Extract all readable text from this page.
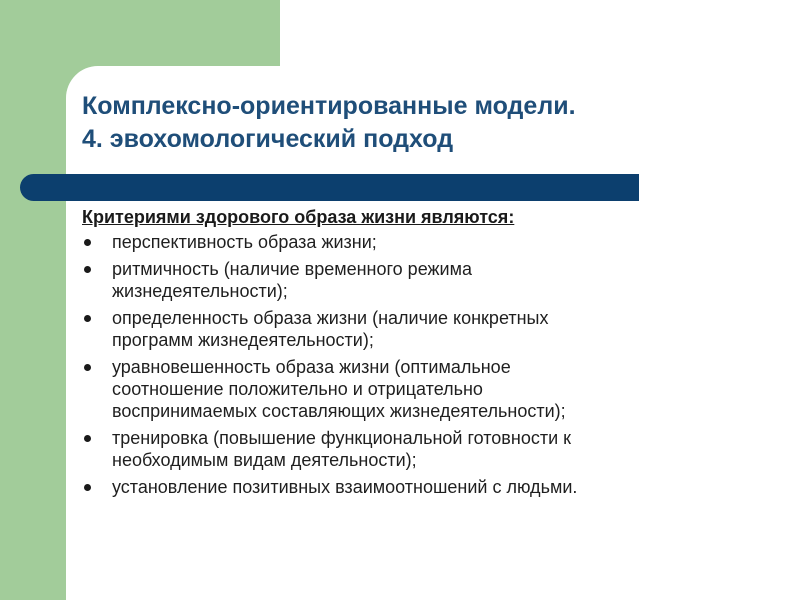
Комплексно-ориентированные модели.
4. эвохомологический подход
Критериями здорового образа жизни являются:
перспективность образа жизни;
ритмичность (наличие временного режима
жизнедеятельности);
определенность образа жизни (наличие конкретных
программ жизнедеятельности);
уравновешенность образа жизни (оптимальное
соотношение положительно и отрицательно
воспринимаемых составляющих жизнедеятельности);
тренировка (повышение функциональной готовности к
необходимым видам деятельности);
установление позитивных взаимоотношений с людьми.
